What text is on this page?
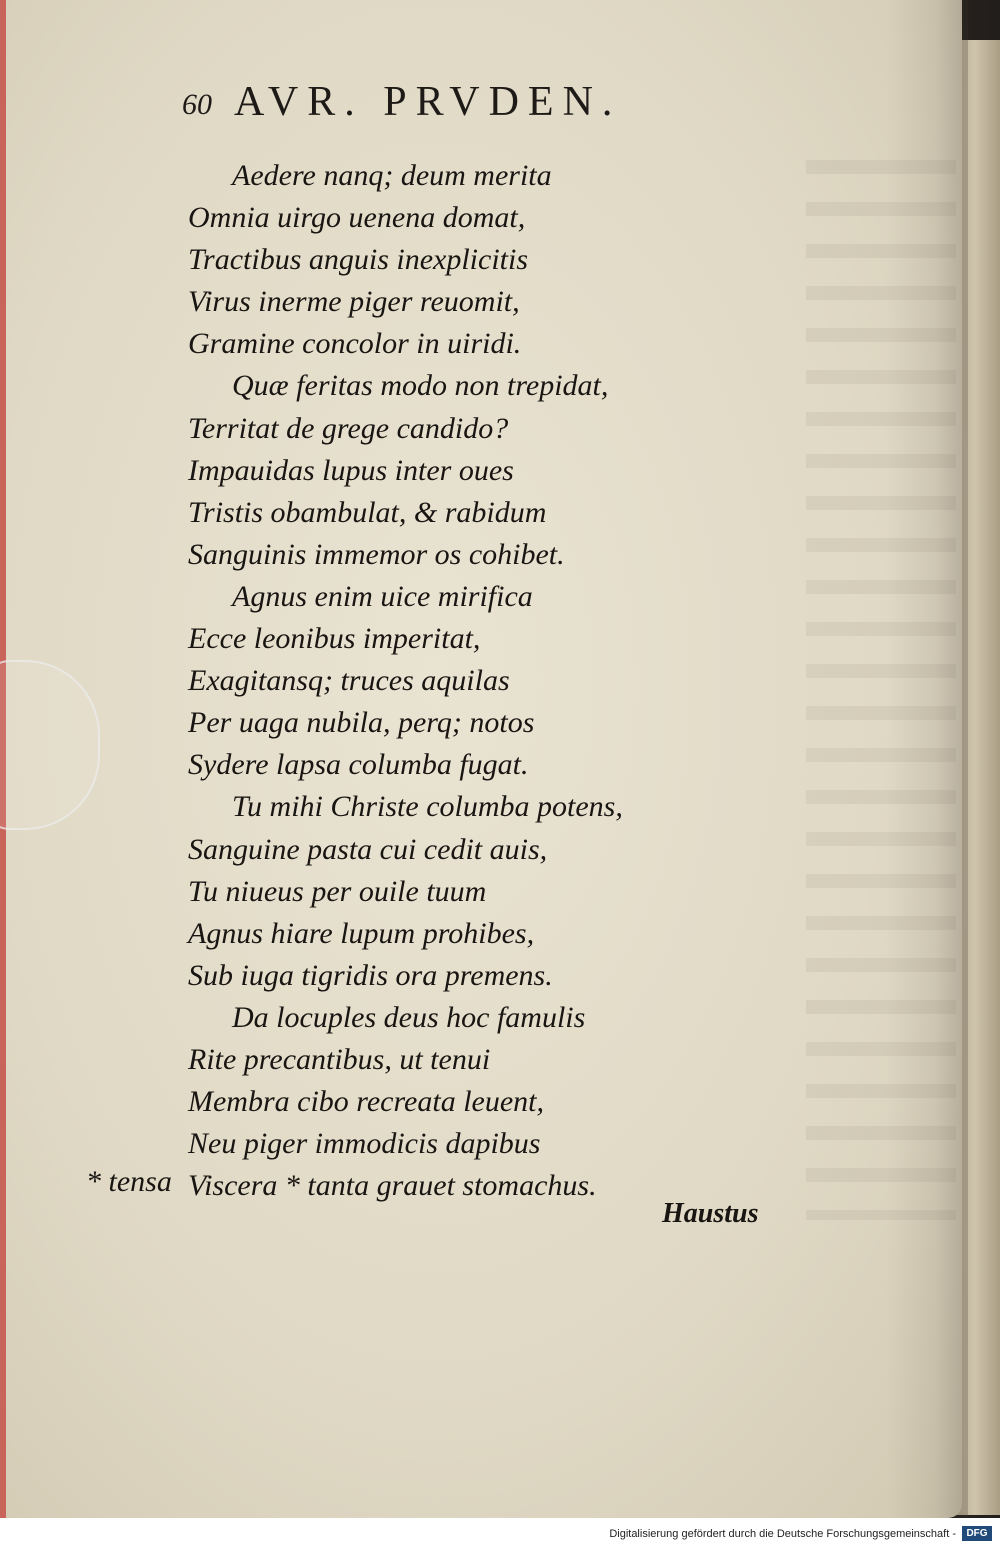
60 AVR. PRVDEN.
Aedere nanq; deum merita
Omnia uirgo uenena domat,
Tractibus anguis inexplicitis
Virus inerme piger reuomit,
Gramine concolor in uiridi.
Quæ feritas modo non trepidat,
Territat de grege candido?
Impauidas lupus inter oues
Tristis obambulat, & rabidum
Sanguinis immemor os cohibet.
Agnus enim uice mirifica
Ecce leonibus imperitat,
Exagitansq; truces aquilas
Per uaga nubila, perq; notos
Sydere lapsa columba fugat.
Tu mihi Christe columba potens,
Sanguine pasta cui cedit auis,
Tu niueus per ouile tuum
Agnus hiare lupum prohibes,
Sub iuga tigridis ora premens.
Da locuples deus hoc famulis
Rite precantibus, ut tenui
Membra cibo recreata leuent,
Neu piger immodicis dapibus
Viscera * tanta grauet stomachus.
* tensa
Haustus
Digitalisierung gefördert durch die Deutsche Forschungsgemeinschaft -	DFG
